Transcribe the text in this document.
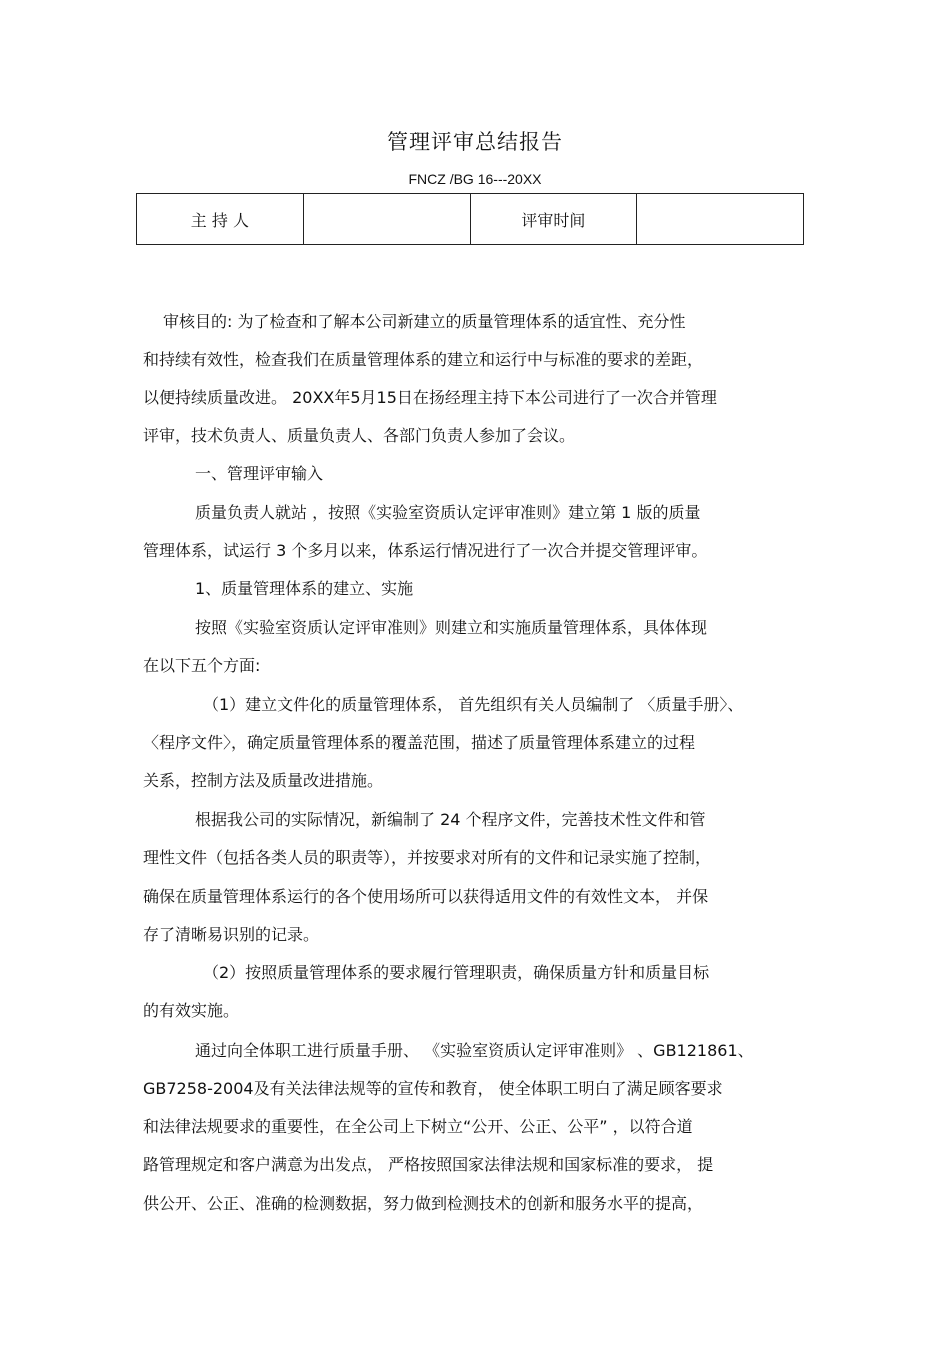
管理评审总结报告
FNCZ /BG 16---20XX
主 持 人		评审时间	
审核目的: 为了检查和了解本公司新建立的质量管理体系的适宜性、充分性
和持续有效性，检查我们在质量管理体系的建立和运行中与标准的要求的差距，
以便持续质量改进。 20XX年5月15日在扬经理主持下本公司进行了一次合并管理
评审，技术负责人、质量负责人、各部门负责人参加了会议。
一、管理评审输入
质量负责人就站 ，按照《实验室资质认定评审准则》建立第 1 版的质量
管理体系，试运行 3 个多月以来，体系运行情况进行了一次合并提交管理评审。
1、质量管理体系的建立、实施
按照《实验室资质认定评审准则》则建立和实施质量管理体系，具体体现
在以下五个方面:
（1）建立文件化的质量管理体系， 首先组织有关人员编制了 〈质量手册〉、
〈程序文件〉，确定质量管理体系的覆盖范围，描述了质量管理体系建立的过程
关系，控制方法及质量改进措施。
根据我公司的实际情况，新编制了 24 个程序文件，完善技术性文件和管
理性文件（包括各类人员的职责等），并按要求对所有的文件和记录实施了控制，
确保在质量管理体系运行的各个使用场所可以获得适用文件的有效性文本， 并保
存了清晰易识别的记录。
（2）按照质量管理体系的要求履行管理职责，确保质量方针和质量目标
的有效实施。
通过向全体职工进行质量手册、 《实验室资质认定评审准则》 、GB121861、
GB7258-2004及有关法律法规等的宣传和教育， 使全体职工明白了满足顾客要求
和法律法规要求的重要性，在全公司上下树立“公开、公正、公平” ，以符合道
路管理规定和客户满意为出发点， 严格按照国家法律法规和国家标准的要求， 提
供公开、公正、准确的检测数据，努力做到检测技术的创新和服务水平的提高，
